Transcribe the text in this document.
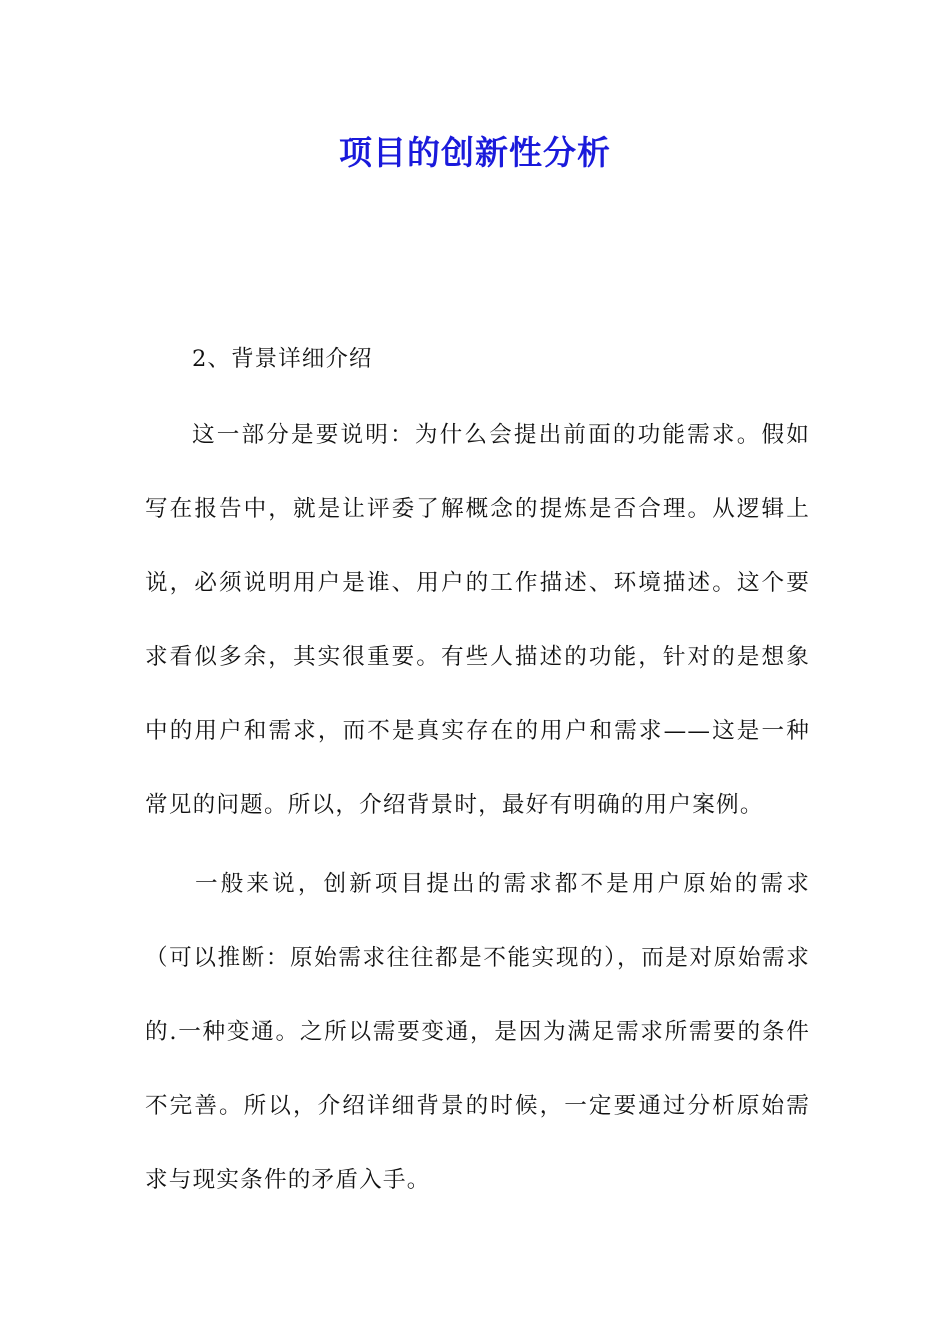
项目的创新性分析

2、背景详细介绍

这一部分是要说明：为什么会提出前面的功能需求。假如写在报告中，就是让评委了解概念的提炼是否合理。从逻辑上说，必须说明用户是谁、用户的工作描述、环境描述。这个要求看似多余，其实很重要。有些人描述的功能，针对的是想象中的用户和需求，而不是真实存在的用户和需求——这是一种常见的问题。所以，介绍背景时，最好有明确的用户案例。

一般来说，创新项目提出的需求都不是用户原始的需求（可以推断：原始需求往往都是不能实现的），而是对原始需求的.一种变通。之所以需要变通，是因为满足需求所需要的条件不完善。所以，介绍详细背景的时候，一定要通过分析原始需求与现实条件的矛盾入手。
